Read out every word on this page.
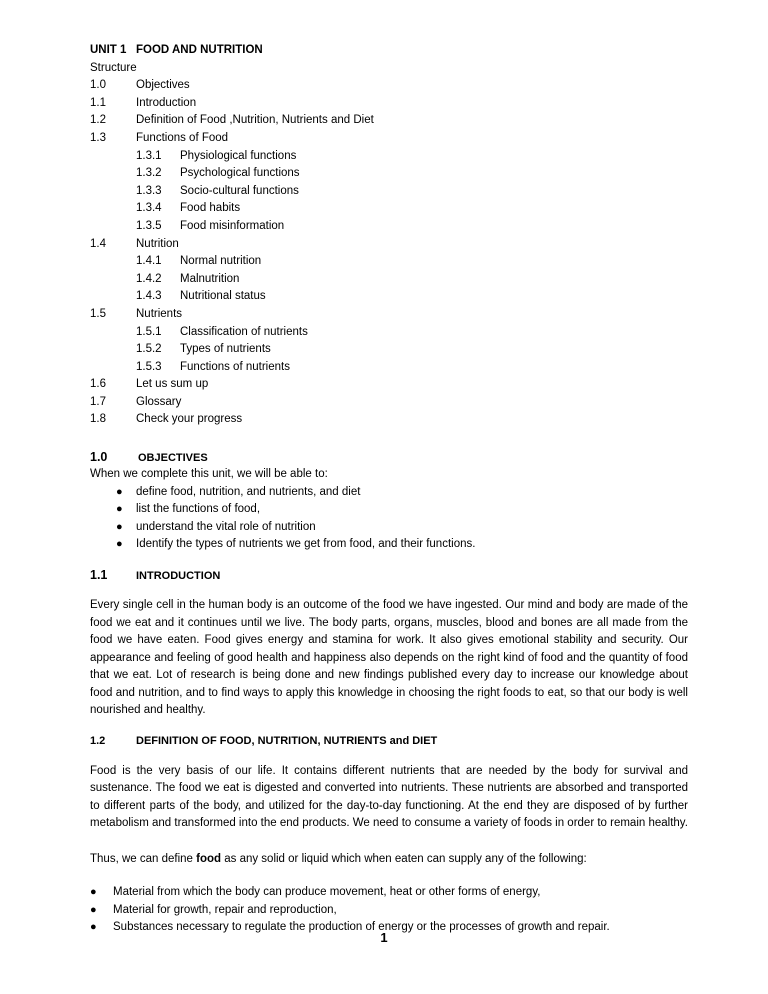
UNIT 1 FOOD AND NUTRITION
Structure
1.0	Objectives
1.1	Introduction
1.2	Definition of Food ,Nutrition, Nutrients and Diet
1.3	Functions of Food
1.3.1 Physiological functions
1.3.2 Psychological functions
1.3.3 Socio-cultural functions
1.3.4 Food habits
1.3.5 Food misinformation
1.4	Nutrition
1.4.1 Normal nutrition
1.4.2 Malnutrition
1.4.3 Nutritional status
1.5	Nutrients
1.5.1 Classification of nutrients
1.5.2 Types of nutrients
1.5.3 Functions of nutrients
1.6	Let us sum up
1.7	Glossary
1.8	Check your progress
1.0	OBJECTIVES
When we complete this unit, we will be able to:
● define food, nutrition, and nutrients, and diet
● list the functions of food,
● understand the vital role of nutrition
● Identify the types of nutrients we get from food, and their functions.
1.1	INTRODUCTION

Every single cell in the human body is an outcome of the food we have ingested. Our mind and body are made of the food we eat and it continues until we live. The body parts, organs, muscles, blood and bones are all made from the food we have eaten. Food gives energy and stamina for work. It also gives emotional stability and security. Our appearance and feeling of good health and happiness also depends on the right kind of food and the quantity of food that we eat. Lot of research is being done and new findings published every day to increase our knowledge about food and nutrition, and to find ways to apply this knowledge in choosing the right foods to eat, so that our body is well nourished and healthy.

1.2	DEFINITION OF FOOD, NUTRITION, NUTRIENTS and DIET

Food is the very basis of our life. It contains different nutrients that are needed by the body for survival and sustenance. The food we eat is digested and converted into nutrients. These nutrients are absorbed and transported to different parts of the body, and utilized for the day-to-day functioning. At the end they are disposed of by further metabolism and transformed into the end products. We need to consume a variety of foods in order to remain healthy.

Thus, we can define food as any solid or liquid which when eaten can supply any of the following:
● Material from which the body can produce movement, heat or other forms of energy,
● Material for growth, repair and reproduction,
● Substances necessary to regulate the production of energy or the processes of growth and repair.
1
